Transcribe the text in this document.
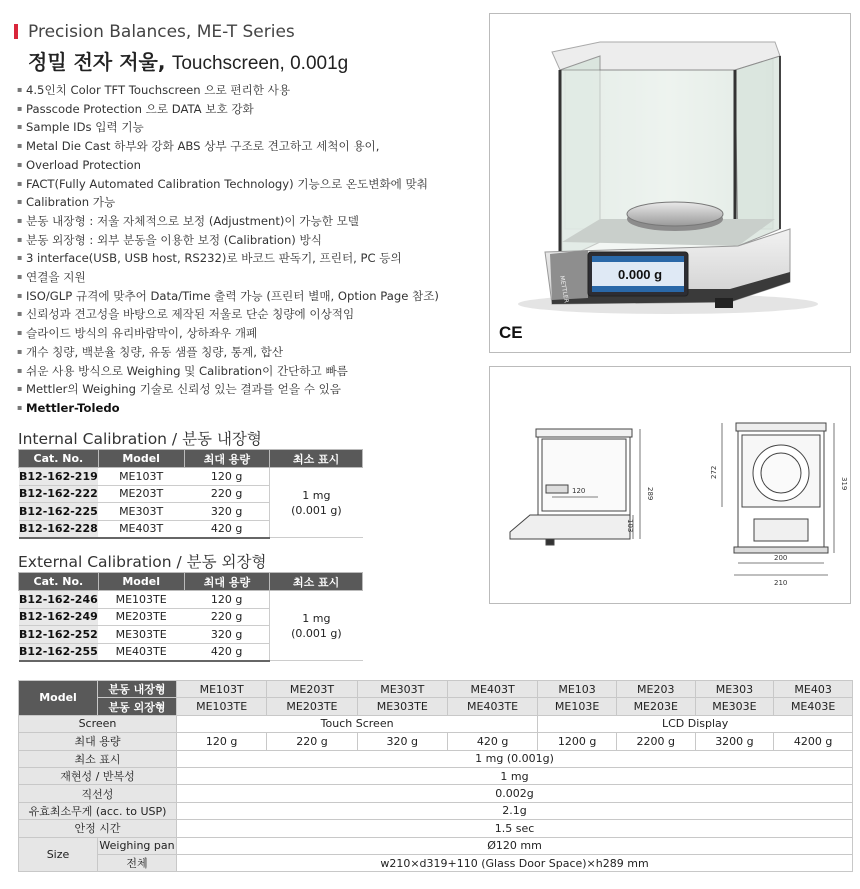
Precision Balances, ME-T Series
정밀 전자 저울, Touchscreen, 0.001g
▪ 4.5인치 Color TFT Touchscreen 으로 편리한 사용
▪ Passcode Protection 으로 DATA 보호 강화
▪ Sample IDs 입력 기능
▪ Metal Die Cast 하부와 강화 ABS 상부 구조로 견고하고 세척이 용이,
▪ Overload Protection
▪ FACT(Fully Automated Calibration Technology) 기능으로 온도변화에 맞춰
▪ Calibration 가능
▪ 분동 내장형 : 저울 자체적으로 보정 (Adjustment)이 가능한 모델
▪ 분동 외장형 : 외부 분동을 이용한 보정 (Calibration) 방식
▪ 3 interface(USB, USB host, RS232)로 바코드 판독기, 프린터, PC 등의
▪ 연결을 지원
▪ ISO/GLP 규격에 맞추어 Data/Time 출력 가능 (프린터 별매, Option Page 참조)
▪ 신뢰성과 견고성을 바탕으로 제작된 저울로 단순 칭량에 이상적임
▪ 슬라이드 방식의 유리바람막이, 상하좌우 개폐
▪ 개수 칭량, 백분율 칭량, 유동 샘플 칭량, 통계, 합산
▪ 쉬운 사용 방식으로 Weighing 및 Calibration이 간단하고 빠름
▪ Mettler의 Weighing 기술로 신뢰성 있는 결과를 얻을 수 있음
▪ Mettler-Toledo
0.000 g
METTLER
CE
120	289
103
272
319
200
210
Internal Calibration / 분동 내장형
Cat. No.	Model	최대 용량	최소 표시
B12-162-219	ME103T	120 g	1 mg
(0.001 g)

B12-162-222	ME203T	220 g	
B12-162-225	ME303T	320 g	
B12-162-228	ME403T	420 g	
External Calibration / 분동 외장형
Cat. No.	Model	최대 용량	최소 표시
B12-162-246	ME103TE	120 g	1 mg
(0.001 g)

B12-162-249	ME203TE	220 g	
B12-162-252	ME303TE	320 g	
B12-162-255	ME403TE	420 g	
Model	분동 내장형	ME103T	ME203T	ME303T	ME403T	ME103	ME203	ME303	ME403
	분동 외장형	ME103TE	ME203TE	ME303TE	ME403TE	ME103E	ME203E	ME303E	ME403E
Screen		Touch Screen				LCD Display			
최대 용량		120 g	220 g	320 g	420 g	1200 g	2200 g	3200 g	4200 g
최소 표시		1 mg (0.001g)							
재현성 / 반복성		1 mg							
직선성		0.002g							
유효최소무게 (acc. to USP)		2.1g							
안정 시간		1.5 sec							
Size	Weighing pan	Ø120 mm							
	전체	w210×d319+110 (Glass Door Space)×h289 mm							
